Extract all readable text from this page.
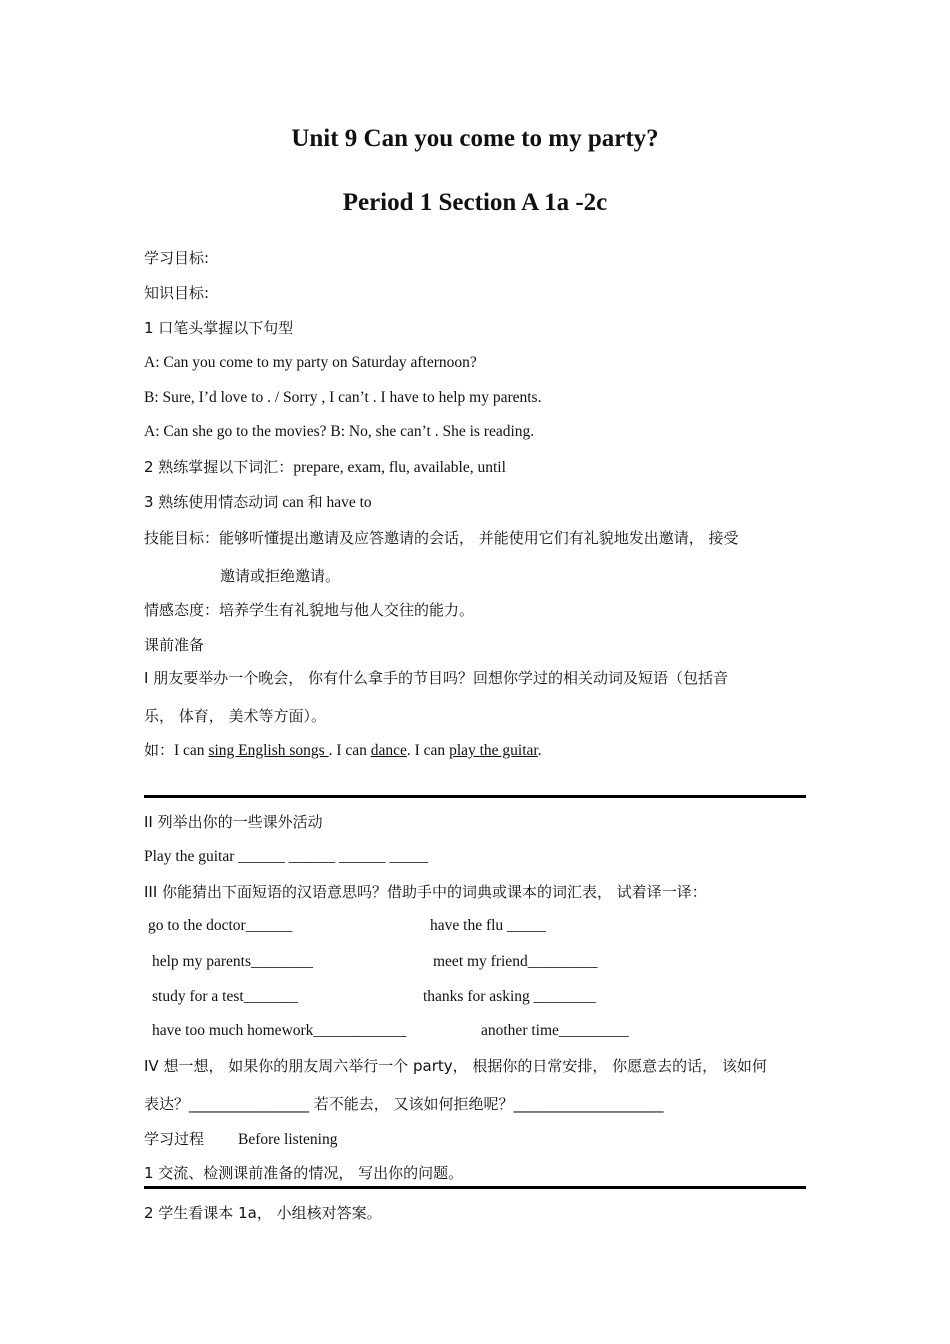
Unit 9 Can you come to my party?
Period 1 Section A 1a -2c
学习目标:
知识目标:
1 口笔头掌握以下句型
A: Can you come to my party on Saturday afternoon?
B: Sure, I’d love to . / Sorry , I can’t . I have to help my parents.
A: Can she go to the movies? B: No, she can’t . She is reading.
2 熟练掌握以下词汇：prepare, exam, flu, available, until
3 熟练使用情态动词 can 和 have to
技能目标：能够听懂提出邀请及应答邀请的会话， 并能使用它们有礼貌地发出邀请， 接受
邀请或拒绝邀请。
情感态度：培养学生有礼貌地与他人交往的能力。
课前准备
I 朋友要举办一个晚会， 你有什么拿手的节目吗？回想你学过的相关动词及短语（包括音
乐， 体育， 美术等方面）。
如：I can sing English songs . I can dance. I can play the guitar.
II 列举出你的一些课外活动
Play the guitar ______ ______ ______ _____
III 你能猜出下面短语的汉语意思吗？借助手中的词典或课本的词汇表， 试着译一译：
go to the doctor______	have the flu _____
help my parents________	meet my friend_________
study for a test_______	thanks for asking ________
have too much homework____________	another time_________
IV 想一想， 如果你的朋友周六举行一个 party， 根据你的日常安排， 你愿意去的话， 该如何
表达？________________ 若不能去， 又该如何拒绝呢？____________________
学习过程 Before listening
1 交流、检测课前准备的情况， 写出你的问题。
2 学生看课本 1a， 小组核对答案。
